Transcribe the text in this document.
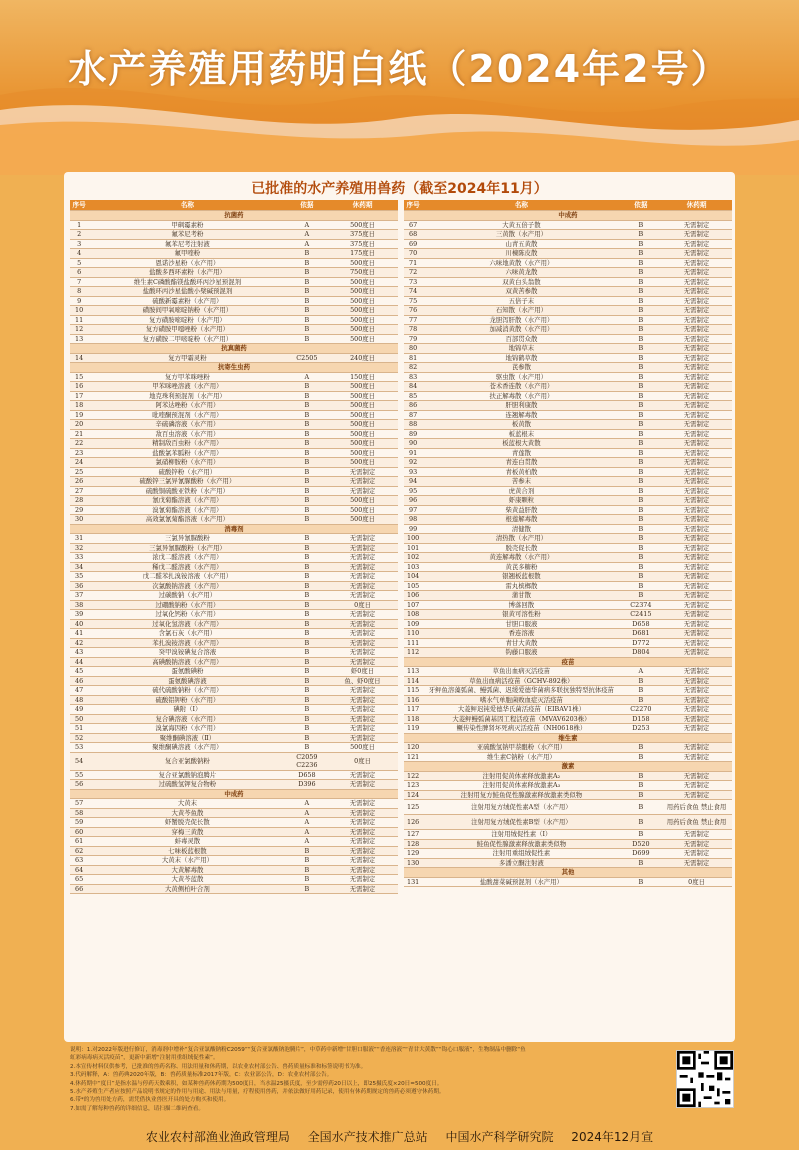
水产养殖用药明白纸（2024年2号）
已批准的水产养殖用兽药（截至2024年11月）
序号	名称	依据	休药期
抗菌药			
1	甲砜霉素粉	A	500度日
2	氟苯尼考粉	A	375度日
3	氟苯尼考注射液	A	375度日
4	氟甲喹粉	B	175度日
5	恩诺沙星粉（水产用）	B	500度日
6	盐酸多西环素粉（水产用）	B	750度日
7	维生素C磷酸酯镁盐酸环丙沙星预混剂	B	500度日
8	盐酸环丙沙星盐酸小檗碱预混剂	B	500度日
9	硫酸新霉素粉（水产用）	B	500度日
10	磺胺间甲氧嘧啶钠粉（水产用）	B	500度日
11	复方磺胺嘧啶粉（水产用）	B	500度日
12	复方磺胺甲噁唑粉（水产用）	B	500度日
13	复方磺胺二甲嘧啶粉（水产用）	B	500度日
抗真菌药			
14	复方甲霜灵粉	C2505	240度日
抗寄生虫药			
15	复方甲苯咪唑粉	A	150度日
16	甲苯咪唑溶液（水产用）	B	500度日
17	地克珠利预混剂（水产用）	B	500度日
18	阿苯达唑粉（水产用）	B	500度日
19	吡喹酮预混剂（水产用）	B	500度日
20	辛硫磷溶液（水产用）	B	500度日
21	敌百虫溶液（水产用）	B	500度日
22	精制敌百虫粉（水产用）	B	500度日
23	盐酸氯苯胍粉（水产用）	B	500度日
24	氯硝柳胺粉（水产用）	B	500度日
25	硫酸锌粉（水产用）	B	无需制定
26	硫酸锌三氯异氰脲酸粉（水产用）	B	无需制定
27	硫酸铜硫酸亚铁粉（水产用）	B	无需制定
28	氰戊菊酯溶液（水产用）	B	500度日
29	溴氰菊酯溶液（水产用）	B	500度日
30	高效氯氰菊酯溶液（水产用）	B	500度日
消毒剂			
31	三氯异氰脲酸粉	B	无需制定
32	三氯异氰脲酸粉（水产用）	B	无需制定
33	浓戊二醛溶液（水产用）	B	无需制定
34	稀戊二醛溶液（水产用）	B	无需制定
35	戊二醛苯扎溴铵溶液（水产用）	B	无需制定
36	次氯酸钠溶液（水产用）	B	无需制定
37	过碳酸钠（水产用）	B	无需制定
38	过硼酸钠粉（水产用）	B	0度日
39	过氧化钙粉（水产用）	B	无需制定
40	过氧化氢溶液（水产用）	B	无需制定
41	含氯石灰（水产用）	B	无需制定
42	苯扎溴铵溶液（水产用）	B	无需制定
43	癸甲溴铵碘复合溶液	B	无需制定
44	高碘酸钠溶液（水产用）	B	无需制定
45	蛋氨酸碘粉	B	虾0度日
46	蛋氨酸碘溶液	B	鱼、虾0度日
47	硫代硫酸钠粉（水产用）	B	无需制定
48	硫酸铝钾粉（水产用）	B	无需制定
49	碘附（Ⅰ）	B	无需制定
50	复合碘溶液（水产用）	B	无需制定
51	溴氯海因粉（水产用）	B	无需制定
52	聚维酮碘溶液（Ⅱ）	B	无需制定
53	聚维酮碘溶液（水产用）	B	500度日
54	复合亚氯酸钠粉	C2059 C2236	0度日
55	复合亚氯酸钠泡腾片	D658	无需制定
56	过硫酸氢钾复合物粉	D396	无需制定
中成药			
57	大黄末	A	无需制定
58	大黄芩鱼散	A	无需制定
59	虾蟹脱壳促长散	A	无需制定
60	穿梅三黄散	A	无需制定
61	蚌毒灵散	A	无需制定
62	七味板蓝根散	B	无需制定
63	大黄末（水产用）	B	无需制定
64	大黄解毒散	B	无需制定
65	大黄芩蓝散	B	无需制定
66	大黄侧柏叶合剂	B	无需制定
序号	名称	依据	休药期
中成药			
67	大黄五倍子散	B	无需制定
68	三黄散（水产用）	B	无需制定
69	山青五黄散	B	无需制定
70	川楝陈皮散	B	无需制定
71	六味地黄散（水产用）	B	无需制定
72	六味黄龙散	B	无需制定
73	双黄白头翁散	B	无需制定
74	双黄苦参散	B	无需制定
75	五倍子末	B	无需制定
76	石知散（水产用）	B	无需制定
77	龙胆泻肝散（水产用）	B	无需制定
78	加减消黄散（水产用）	B	无需制定
79	百部贯众散	B	无需制定
80	地锦草末	B	无需制定
81	地锦鹤草散	B	无需制定
82	芪参散	B	无需制定
83	驱虫散（水产用）	B	无需制定
84	苍术香连散（水产用）	B	无需制定
85	扶正解毒散（水产用）	B	无需制定
86	肝胆利康散	B	无需制定
87	连翘解毒散	B	无需制定
88	板黄散	B	无需制定
89	板蓝根末	B	无需制定
90	板蓝根大黄散	B	无需制定
91	青莲散	B	无需制定
92	青连白贯散	B	无需制定
93	青板黄柏散	B	无需制定
94	苦参末	B	无需制定
95	虎黄合剂	B	无需制定
96	虾康颗粒	B	无需制定
97	柴黄益肝散	B	无需制定
98	根莲解毒散	B	无需制定
99	清健散	B	无需制定
100	清热散（水产用）	B	无需制定
101	脱壳促长散	B	无需制定
102	黄连解毒散（水产用）	B	无需制定
103	黄芪多糖粉	B	无需制定
104	银翘板蓝根散	B	无需制定
105	雷丸槟榔散	B	无需制定
106	蒲甘散	B	无需制定
107	博落回散	C2374	无需制定
108	银黄可溶性粉	C2415	无需制定
109	甘胆口服液	D658	无需制定
110	香连溶液	D681	无需制定
111	青甘大黄散	D772	无需制定
112	钩藤口服液	D804	无需制定
疫苗			
113	草鱼出血病灭活疫苗	A	无需制定
114	草鱼出血病活疫苗（GCHV-892株）	B	无需制定
115	牙鲆鱼溶藻弧菌、鳗弧菌、迟缓爱德华菌病多联抗独特型抗体疫苗	B	无需制定
116	嗜水气单胞菌败血症灭活疫苗	B	无需制定
117	大菱鲆迟钝爱德华氏菌活疫苗（EIBAV1株）	C2270	无需制定
118	大菱鲆鳗弧菌基因工程活疫苗（MVAV6203株）	D158	无需制定
119	鳜传染性脾肾坏死病灭活疫苗（NH0618株）	D253	无需制定
维生素			
120	亚硫酸氢钠甲萘醌粉（水产用）	B	无需制定
121	维生素C钠粉（水产用）	B	无需制定
激素			
122	注射用促黄体素释放激素A₂	B	无需制定
123	注射用促黄体素释放激素A₃	B	无需制定
124	注射用复方鲑鱼促性腺激素释放激素类似物	B	无需制定
125	注射用复方绒促性素A型（水产用）	B	用药后食鱼 禁止食用
126	注射用复方绒促性素B型（水产用）	B	用药后食鱼 禁止食用
127	注射用绒促性素（Ⅰ）	B	无需制定
128	鲑鱼促性腺激素释放激素类似物	D520	无需制定
129	注射用重组绒促性素	D699	无需制定
130	多潘立酮注射液	B	无需制定
其他			
131	盐酸甜菜碱预混剂（水产用）	B	0度日
说明：1.对2022年版进行修订，消毒剂中增补“复合亚氯酸钠粉C2059”“复合亚氯酸钠泡腾片”，中草药中新增“甘胆口服液”“香连溶液”“青甘大黄散”“钩心口服液”，生物制品中删除“鱼
虹彩病毒病灭活疫苗”，更新中新增“注射用重组绒促性素”。
2.本宣传材料仅供参考，已批准的兽药名称、用法用量和休药期，以农业农村部公告、兽药质量标准和标签说明书为准。
3.代码解释，A：兽药典2020年版，B：兽药质量标准2017年版，C：农业部公告，D：农业农村部公告。
4.休药期中“度日”是指水温与停药天数乘积，如某种兽药休药期为500度日，当水温25摄氏度，至少需停药20日以上，即25摄氏度×20日=500度日。
5.水产养殖生产者应按照产品说明书规定的作用与用途、用法与用量，疗程使用兽药，并依法做好用药记录，使用有休药期规定的兽药必须遵守休药期。
6.带*的为兽用处方药，需凭借执业兽医开具的处方购买和使用。
7.如需了解每种兽药的详细信息，请扫描二维码查看。
农业农村部渔业渔政管理局 全国水产技术推广总站 中国水产科学研究院 2024年12月宣
